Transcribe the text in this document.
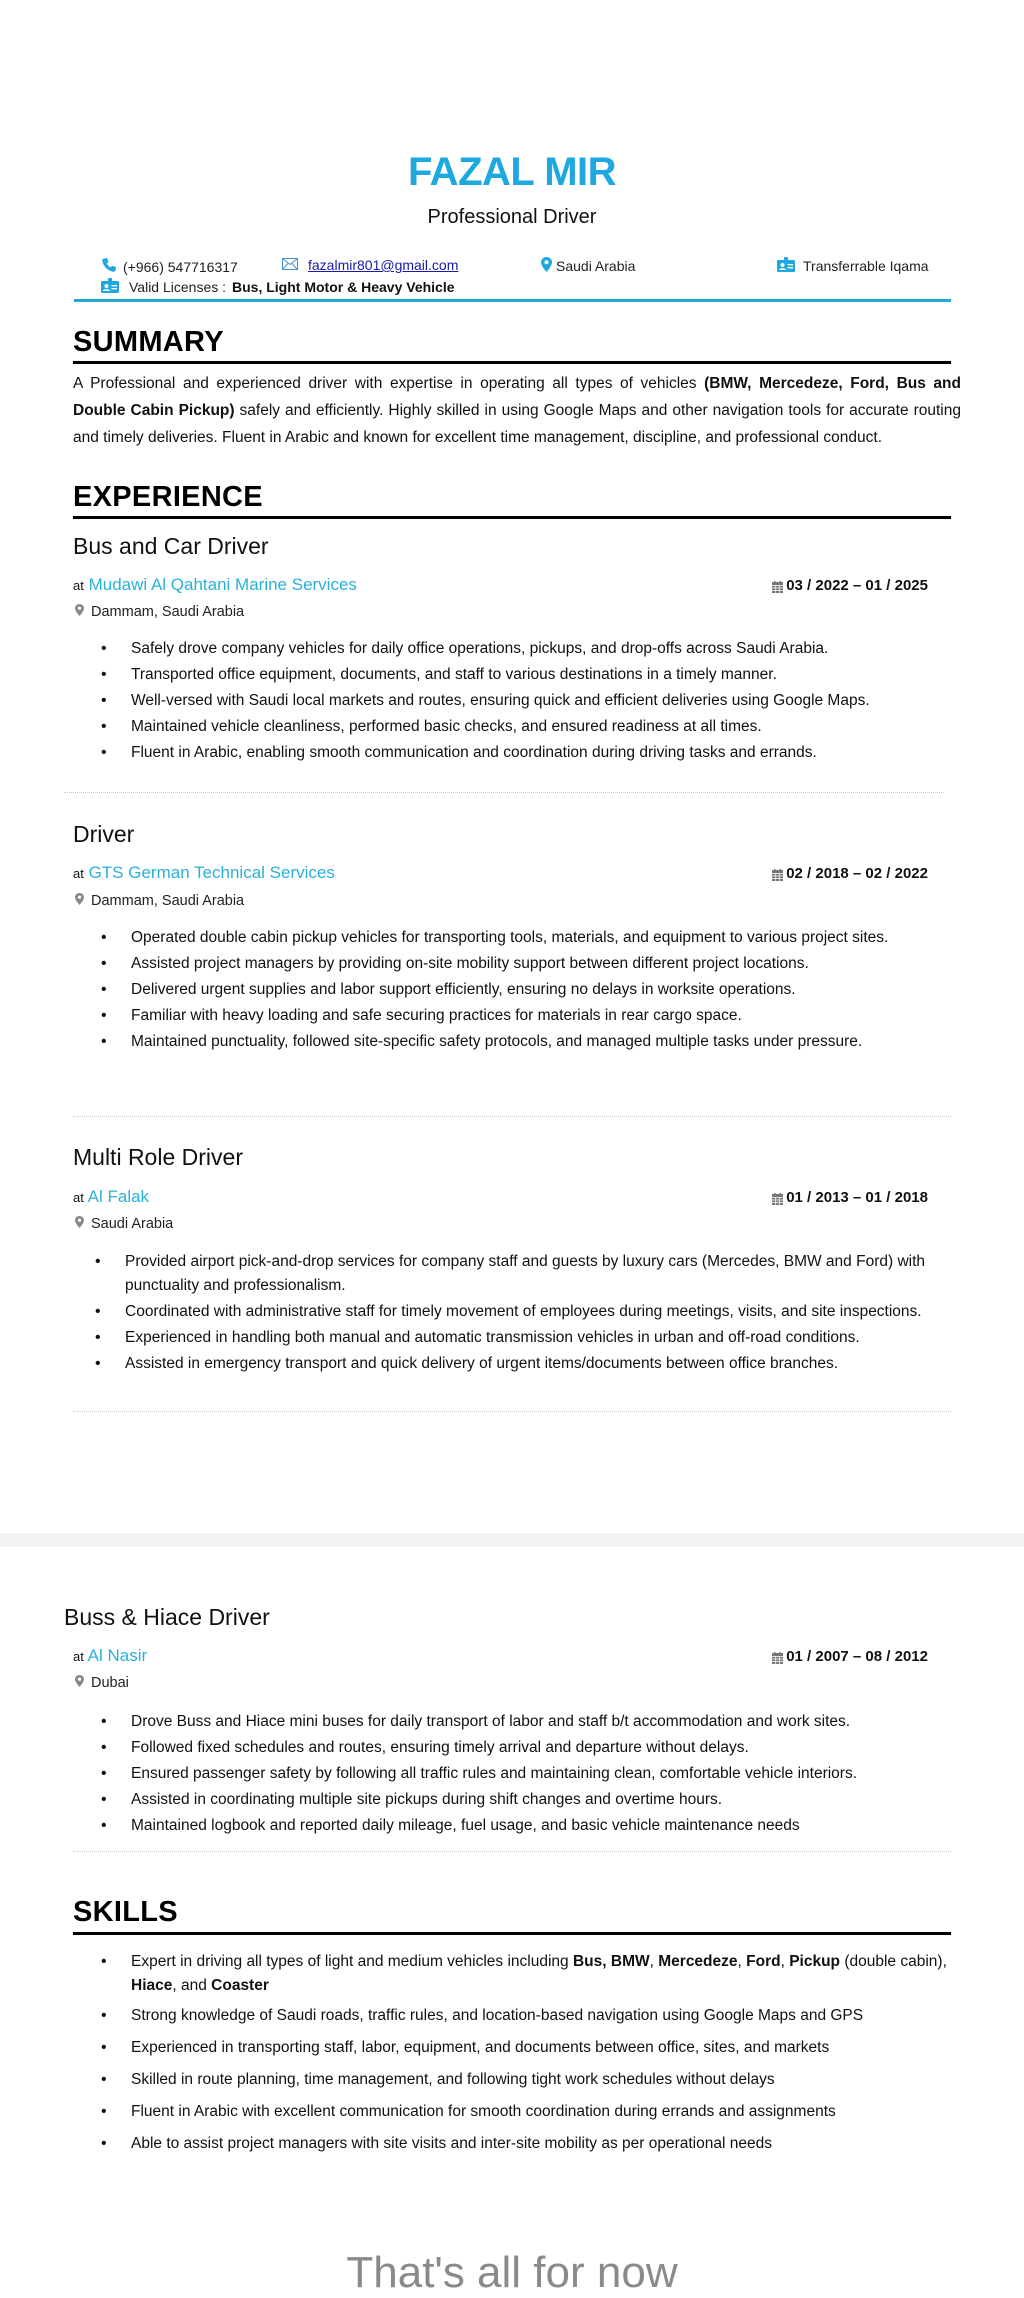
FAZAL MIR
Professional Driver
(+966) 547716317	fazalmir801@gmail.com	Saudi Arabia	Transferrable Iqama
Valid Licenses : Bus, Light Motor & Heavy Vehicle
SUMMARY
A Professional and experienced driver with expertise in operating all types of vehicles (BMW, Mercedeze, Ford, Bus and Double Cabin Pickup) safely and efficiently. Highly skilled in using Google Maps and other navigation tools for accurate routing and timely deliveries. Fluent in Arabic and known for excellent time management, discipline, and professional conduct.
EXPERIENCE
Bus and Car Driver
at Mudawi Al Qahtani Marine Services	03 / 2022 – 01 / 2025
Dammam, Saudi Arabia
• Safely drove company vehicles for daily office operations, pickups, and drop-offs across Saudi Arabia.
• Transported office equipment, documents, and staff to various destinations in a timely manner.
• Well-versed with Saudi local markets and routes, ensuring quick and efficient deliveries using Google Maps.
• Maintained vehicle cleanliness, performed basic checks, and ensured readiness at all times.
• Fluent in Arabic, enabling smooth communication and coordination during driving tasks and errands.
Driver
at GTS German Technical Services	02 / 2018 – 02 / 2022
Dammam, Saudi Arabia
• Operated double cabin pickup vehicles for transporting tools, materials, and equipment to various project sites.
• Assisted project managers by providing on-site mobility support between different project locations.
• Delivered urgent supplies and labor support efficiently, ensuring no delays in worksite operations.
• Familiar with heavy loading and safe securing practices for materials in rear cargo space.
• Maintained punctuality, followed site-specific safety protocols, and managed multiple tasks under pressure.
Multi Role Driver
at Al Falak	01 / 2013 – 01 / 2018
Saudi Arabia
• Provided airport pick-and-drop services for company staff and guests by luxury cars (Mercedes, BMW and Ford) with punctuality and professionalism.
• Coordinated with administrative staff for timely movement of employees during meetings, visits, and site inspections.
• Experienced in handling both manual and automatic transmission vehicles in urban and off-road conditions.
• Assisted in emergency transport and quick delivery of urgent items/documents between office branches.
Buss & Hiace Driver
at Al Nasir	01 / 2007 – 08 / 2012
Dubai
• Drove Buss and Hiace mini buses for daily transport of labor and staff b/t accommodation and work sites.
• Followed fixed schedules and routes, ensuring timely arrival and departure without delays.
• Ensured passenger safety by following all traffic rules and maintaining clean, comfortable vehicle interiors.
• Assisted in coordinating multiple site pickups during shift changes and overtime hours.
• Maintained logbook and reported daily mileage, fuel usage, and basic vehicle maintenance needs
SKILLS
• Expert in driving all types of light and medium vehicles including Bus, BMW, Mercedeze, Ford, Pickup (double cabin), Hiace, and Coaster
• Strong knowledge of Saudi roads, traffic rules, and location-based navigation using Google Maps and GPS
• Experienced in transporting staff, labor, equipment, and documents between office, sites, and markets
• Skilled in route planning, time management, and following tight work schedules without delays
• Fluent in Arabic with excellent communication for smooth coordination during errands and assignments
• Able to assist project managers with site visits and inter-site mobility as per operational needs
That's all for now
